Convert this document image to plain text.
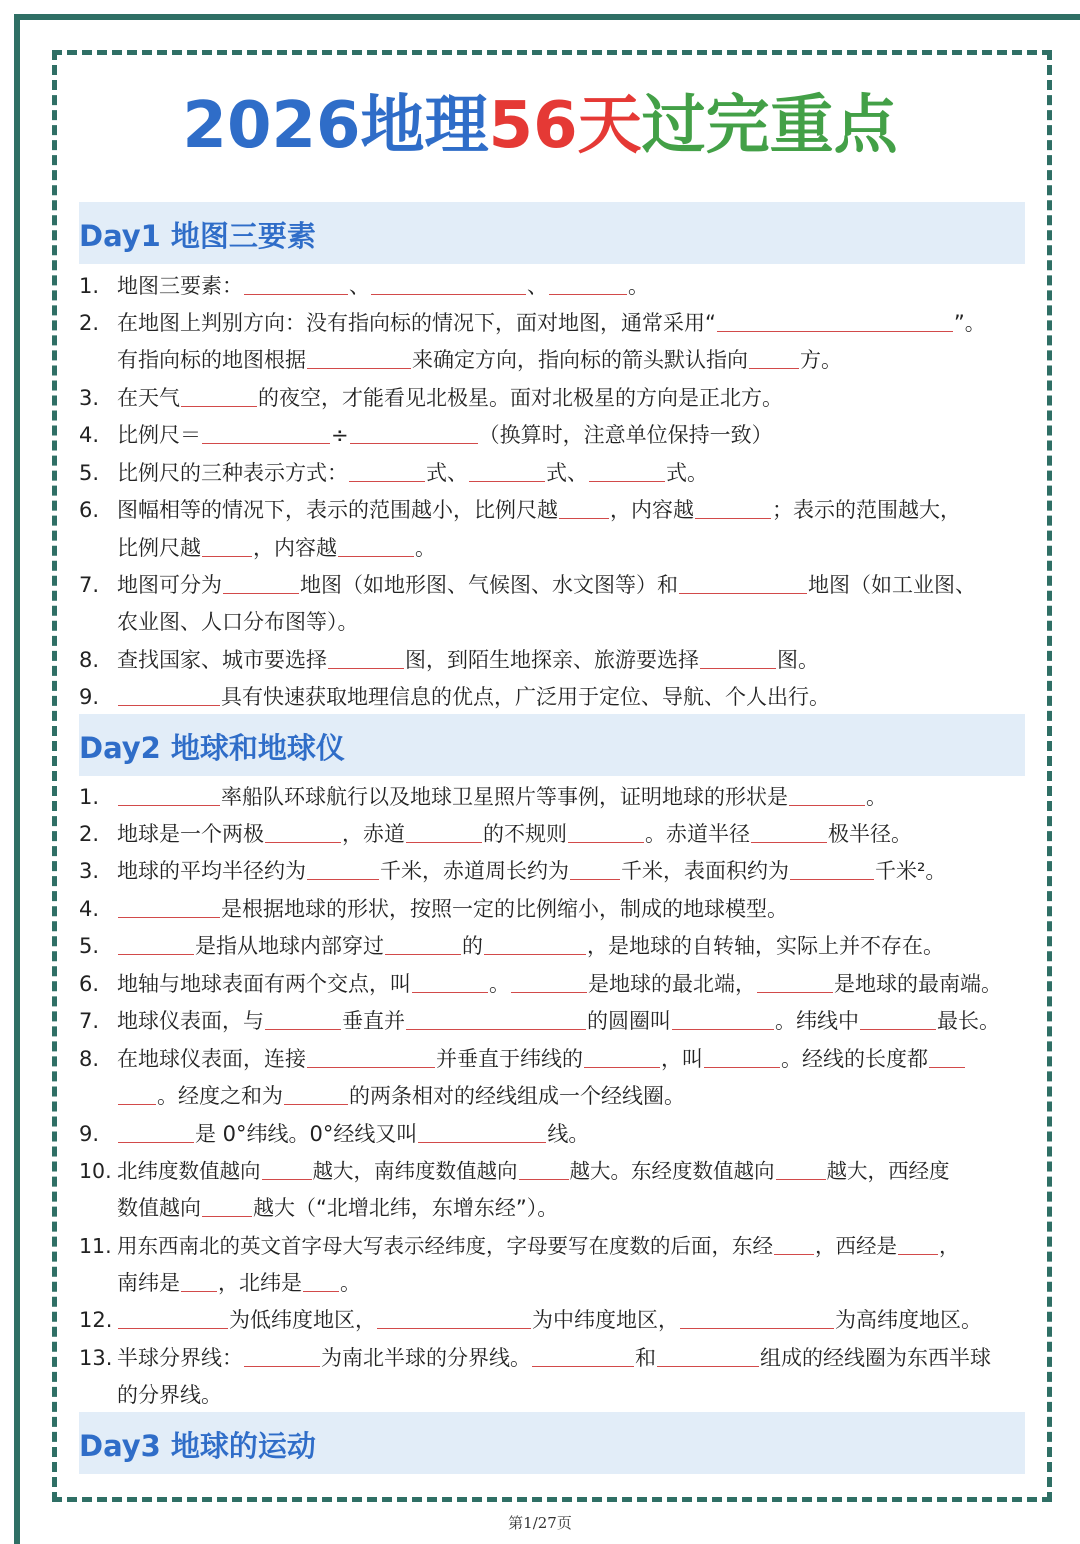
2026地理56天过完重点
Day1 地图三要素
1. 地图三要素：	、	、	。
2. 在地图上判别方向：没有指向标的情况下，面对地图，通常采用“	”。
有指向标的地图根据	来确定方向，指向标的箭头默认指向 方。
3. 在天气	的夜空，才能看见北极星。面对北极星的方向是正北方。
4. 比例尺＝	÷	（换算时，注意单位保持一致）
5. 比例尺的三种表示方式：	式、	式、	式。
6. 图幅相等的情况下，表示的范围越小，比例尺越 ，内容越	；表示的范围越大，
比例尺越 ，内容越	。
7. 地图可分为	地图（如地形图、气候图、水文图等）和	地图（如工业图、
农业图、人口分布图等）。
8. 查找国家、城市要选择	图，到陌生地探亲、旅游要选择	图。
9.	具有快速获取地理信息的优点，广泛用于定位、导航、个人出行。
Day2 地球和地球仪
1.	率船队环球航行以及地球卫星照片等事例，证明地球的形状是	。
2. 地球是一个两极	，赤道	的不规则	。赤道半径	极半径。
3. 地球的平均半径约为	千米，赤道周长约为 千米，表面积约为	千米²。
4.	是根据地球的形状，按照一定的比例缩小，制成的地球模型。
5.	是指从地球内部穿过	的	，是地球的自转轴，实际上并不存在。
6. 地轴与地球表面有两个交点，叫	。	是地球的最北端，	是地球的最南端。
7. 地球仪表面，与	垂直并	的圆圈叫	。纬线中	最长。
8. 在地球仪表面，连接	并垂直于纬线的	，叫	。经线的长度都
。经度之和为	的两条相对的经线组成一个经线圈。
9.	是 0°纬线。0°经线又叫	线。
10. 北纬度数值越向	越大，南纬度数值越向	越大。东经度数值越向	越大，西经度
数值越向 越大（“北增北纬，东增东经”）。
11. 用东西南北的英文首字母大写表示经纬度，字母要写在度数的后面，东经 ，西经是 ，
南纬是 ，北纬是 。
12.	为低纬度地区，	为中纬度地区，	为高纬度地区。
13. 半球分界线：	为南北半球的分界线。	和	组成的经线圈为东西半球
的分界线。
Day3 地球的运动
第1/27页
